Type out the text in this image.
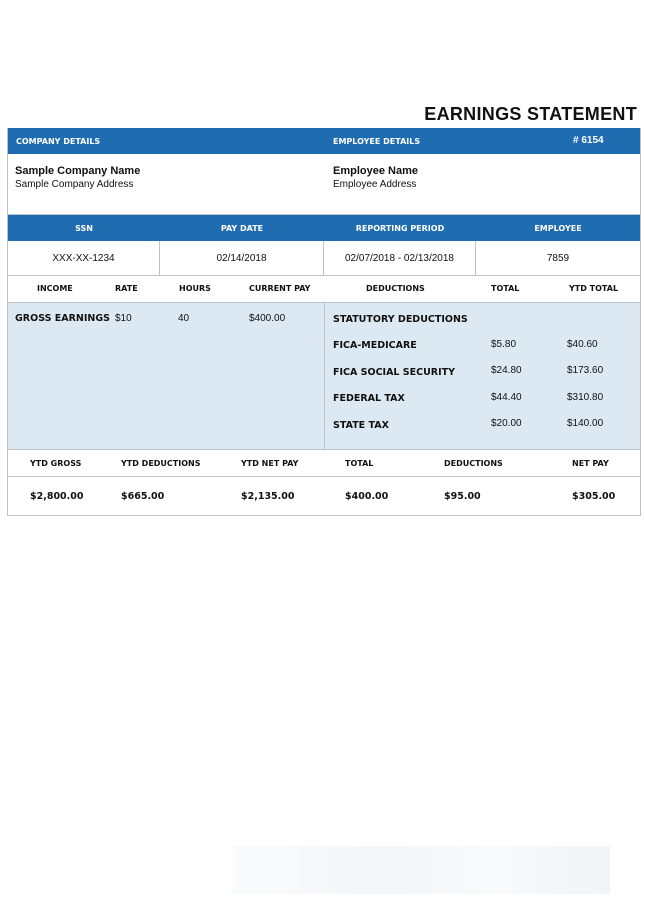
EARNINGS STATEMENT
COMPANY DETAILS	EMPLOYEE DETAILS	# 6154
Sample Company Name
Sample Company Address
Employee Name
Employee Address
SSN	PAY DATE	REPORTING PERIOD	EMPLOYEE
XXX-XX-1234	02/14/2018	02/07/2018 - 02/13/2018	7859
INCOME	RATE	HOURS	CURRENT PAY	DEDUCTIONS	TOTAL	YTD TOTAL
GROSS EARNINGS $10	40	$400.00	STATUTORY DEDUCTIONS
FICA-MEDICARE	$5.80	$40.60
FICA SOCIAL SECURITY	$24.80	$173.60
FEDERAL TAX	$44.40	$310.80
STATE TAX	$20.00	$140.00
YTD GROSS	YTD DEDUCTIONS	YTD NET PAY	TOTAL	DEDUCTIONS	NET PAY
$2,800.00	$665.00	$2,135.00	$400.00	$95.00	$305.00
